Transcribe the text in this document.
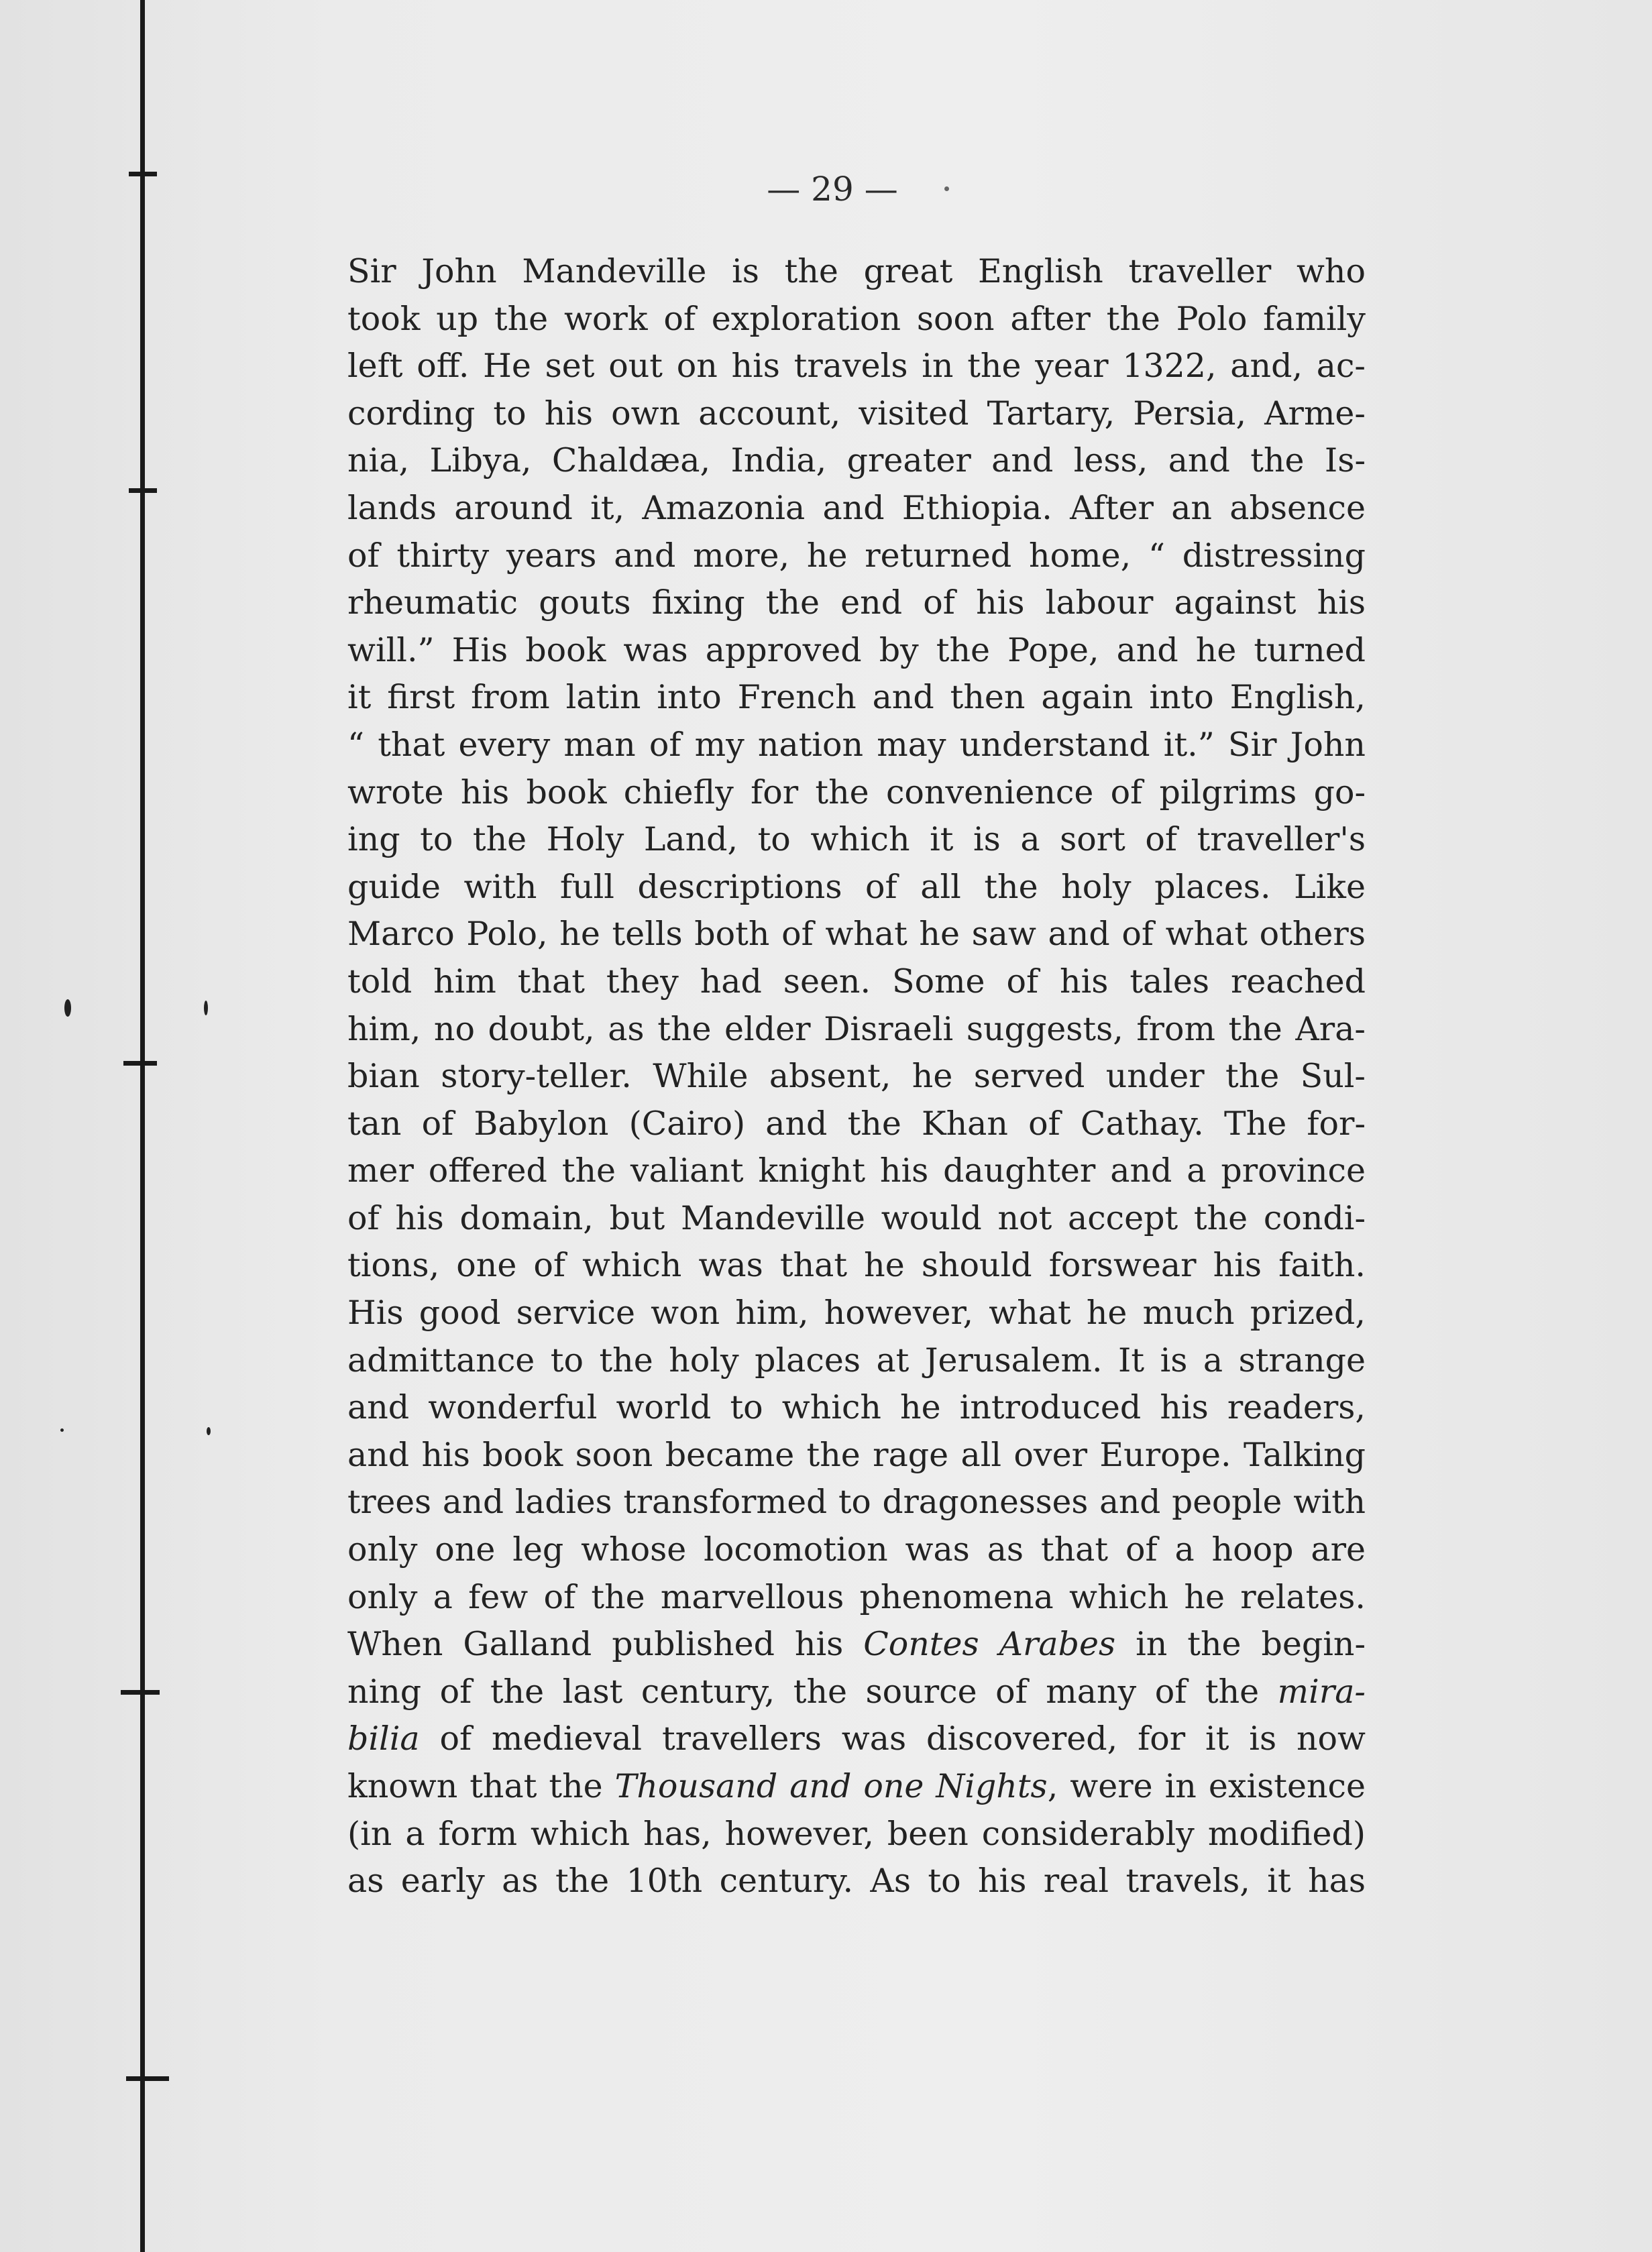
— 29 —
Sir John Mandeville is the great English traveller who
took up the work of exploration soon after the Polo family
left off. He set out on his travels in the year 1322, and, ac-
cording to his own account, visited Tartary, Persia, Arme-
nia, Libya, Chaldæa, India, greater and less, and the Is-
lands around it, Amazonia and Ethiopia. After an absence
of thirty years and more, he returned home, “ distressing
rheumatic gouts fixing the end of his labour against his
will.” His book was approved by the Pope, and he turned
it first from latin into French and then again into English,
“ that every man of my nation may understand it.” Sir John
wrote his book chiefly for the convenience of pilgrims go-
ing to the Holy Land, to which it is a sort of traveller's
guide with full descriptions of all the holy places. Like
Marco Polo, he tells both of what he saw and of what others
told him that they had seen. Some of his tales reached
him, no doubt, as the elder Disraeli suggests, from the Ara-
bian story-teller. While absent, he served under the Sul-
tan of Babylon (Cairo) and the Khan of Cathay. The for-
mer offered the valiant knight his daughter and a province
of his domain, but Mandeville would not accept the condi-
tions, one of which was that he should forswear his faith.
His good service won him, however, what he much prized,
admittance to the holy places at Jerusalem. It is a strange
and wonderful world to which he introduced his readers,
and his book soon became the rage all over Europe. Talking
trees and ladies transformed to dragonesses and people with
only one leg whose locomotion was as that of a hoop are
only a few of the marvellous phenomena which he relates.
When Galland published his Contes Arabes in the begin-
ning of the last century, the source of many of the mira-
bilia of medieval travellers was discovered, for it is now
known that the Thousand and one Nights, were in existence
(in a form which has, however, been considerably modified)
as early as the 10th century. As to his real travels, it has
